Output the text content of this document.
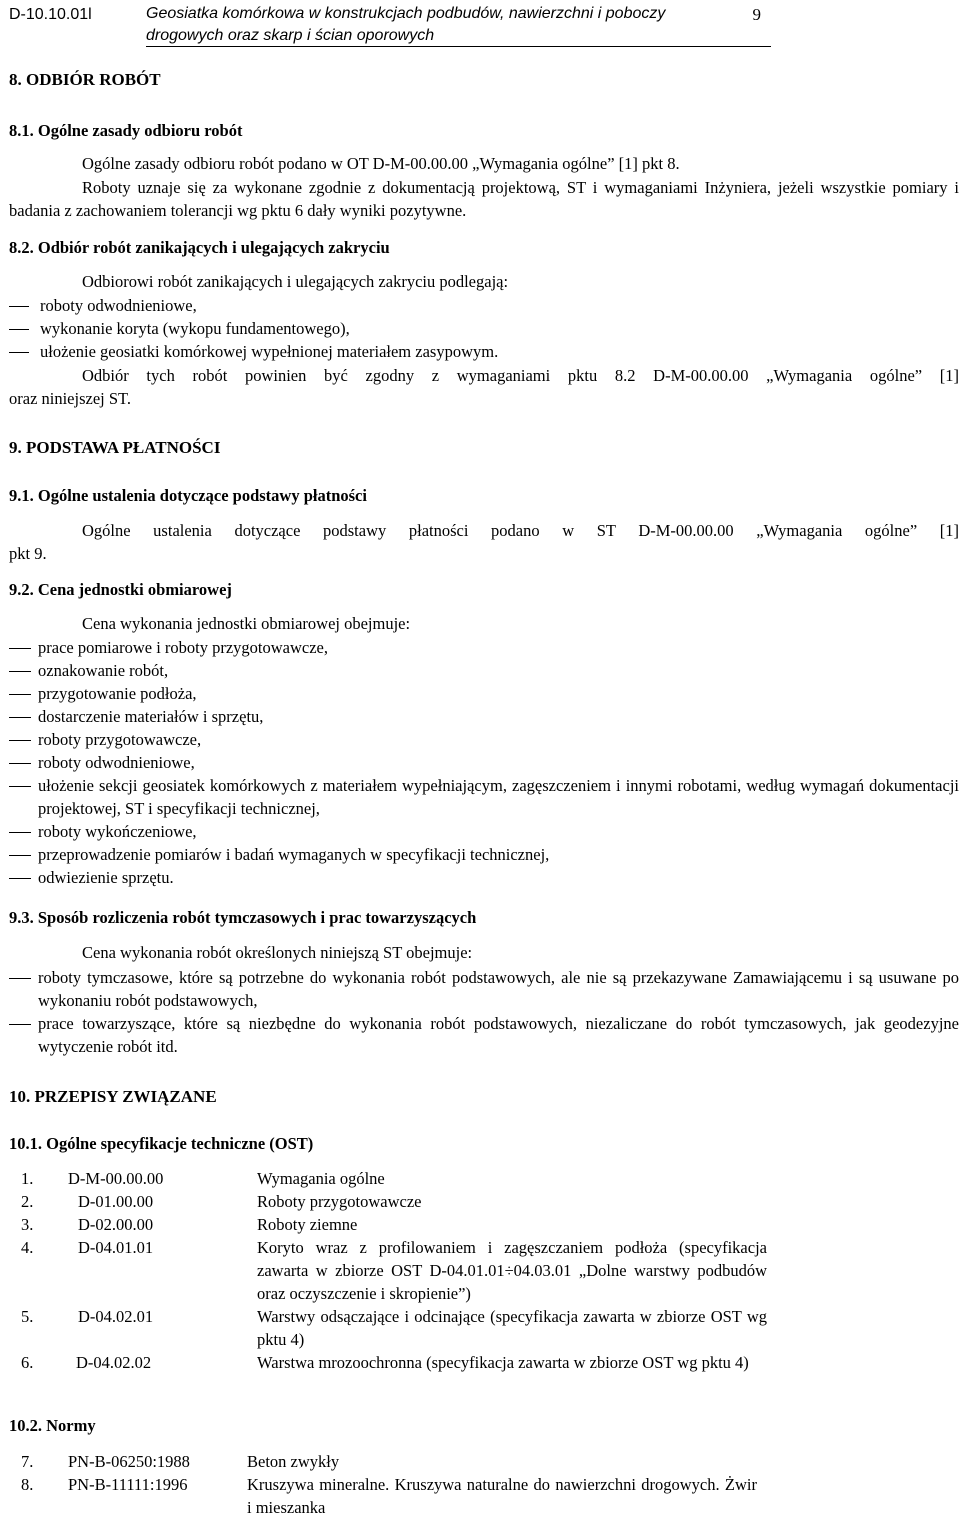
D-10.10.01l	Geosiatka komórkowa w konstrukcjach podbudów, nawierzchni i poboczy drogowych oraz skarp i ścian oporowych
9
8. ODBIÓR ROBÓT
8.1. Ogólne zasady odbioru robót
Ogólne zasady odbioru robót podano w OT D-M-00.00.00 „Wymagania ogólne” [1] pkt 8.
Roboty uznaje się za wykonane zgodnie z dokumentacją projektową, ST i wymaganiami Inżyniera, jeżeli wszystkie pomiary i badania z zachowaniem tolerancji wg pktu 6 dały wyniki pozytywne.
8.2. Odbiór robót zanikających i ulegających zakryciu
Odbiorowi robót zanikających i ulegających zakryciu podlegają:
roboty odwodnieniowe,
wykonanie koryta (wykopu fundamentowego),
ułożenie geosiatki komórkowej wypełnionej materiałem zasypowym.
Odbiór tych robót powinien być zgodny z wymaganiami pktu 8.2 D-M-00.00.00 „Wymagania ogólne” [1]
oraz niniejszej ST.
9. PODSTAWA PŁATNOŚCI
9.1. Ogólne ustalenia dotyczące podstawy płatności
Ogólne ustalenia dotyczące podstawy płatności podano w ST D-M-00.00.00 „Wymagania ogólne” [1]
pkt 9.
9.2. Cena jednostki obmiarowej
Cena wykonania jednostki obmiarowej obejmuje:
prace pomiarowe i roboty przygotowawcze,
oznakowanie robót,
przygotowanie podłoża,
dostarczenie materiałów i sprzętu,
roboty przygotowawcze,
roboty odwodnieniowe,
ułożenie sekcji geosiatek komórkowych z materiałem wypełniającym, zagęszczeniem i innymi robotami, według wymagań dokumentacji projektowej, ST i specyfikacji technicznej,
roboty wykończeniowe,
przeprowadzenie pomiarów i badań wymaganych w specyfikacji technicznej,
odwiezienie sprzętu.
9.3. Sposób rozliczenia robót tymczasowych i prac towarzyszących
Cena wykonania robót określonych niniejszą ST obejmuje:
roboty tymczasowe, które są potrzebne do wykonania robót podstawowych, ale nie są przekazywane Zamawiającemu i są usuwane po wykonaniu robót podstawowych,
prace towarzyszące, które są niezbędne do wykonania robót podstawowych, niezaliczane do robót tymczasowych, jak geodezyjne wytyczenie robót itd.
10. PRZEPISY ZWIĄZANE
10.1. Ogólne specyfikacje techniczne (OST)
1.	D-M-00.00.00	Wymagania ogólne
2.	D-01.00.00	Roboty przygotowawcze
3.	D-02.00.00	Roboty ziemne
4.	D-04.01.01	Koryto wraz z profilowaniem i zagęszczaniem podłoża (specyfikacja zawarta w zbiorze OST D-04.01.01÷04.03.01 „Dolne warstwy podbudów oraz oczyszczenie i skropienie”)
5.	D-04.02.01	Warstwy odsączające i odcinające (specyfikacja zawarta w zbiorze OST wg pktu 4)
6.	D-04.02.02	Warstwa mrozoochronna (specyfikacja zawarta w zbiorze OST wg pktu 4)
10.2. Normy
7.	PN-B-06250:1988	Beton zwykły
8.	PN-B-11111:1996	Kruszywa mineralne. Kruszywa naturalne do nawierzchni drogowych. Żwir i mieszanka
